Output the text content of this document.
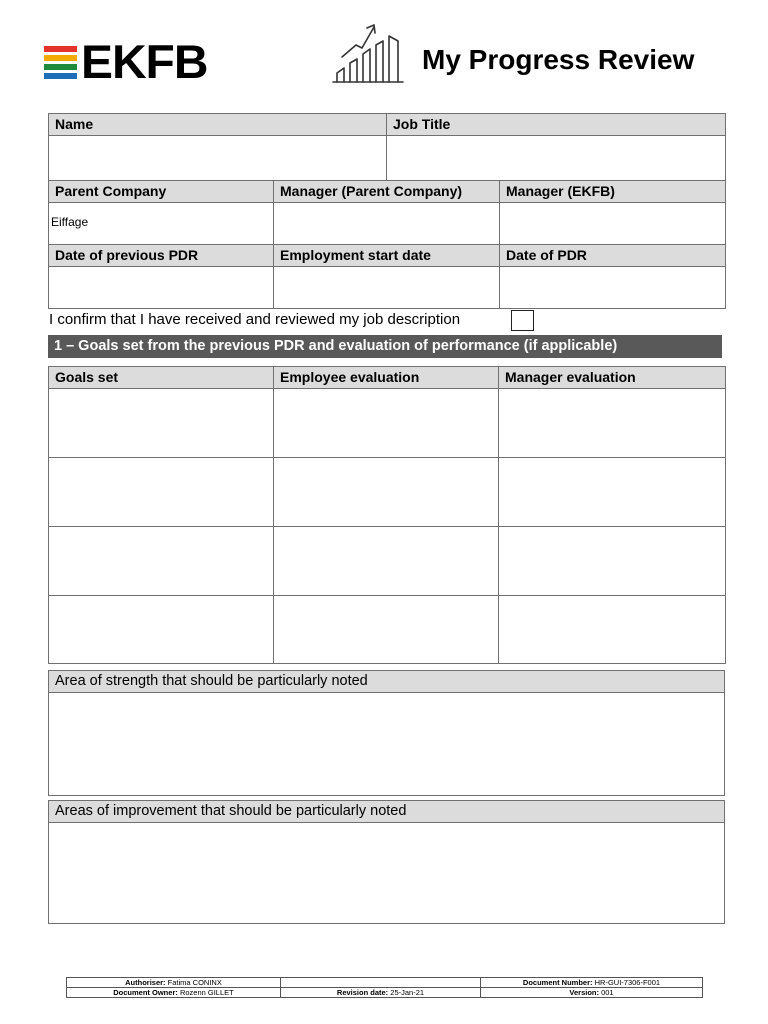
EKFB	My Progress Review
Name		Job Title	

Parent Company	Manager (Parent Company)		Manager (EKFB)
Eiffage			
Date of previous PDR	Employment start date		Date of PDR

I confirm that I have received and reviewed my job description
1 – Goals set from the previous PDR and evaluation of performance (if applicable)
Goals set	Employee evaluation	Manager evaluation

Area of strength that should be particularly noted

Areas of improvement that should be particularly noted

Authoriser: Fatima CONINX		Document Number: HR-GUI-7306-F001
Document Owner: Rozenn GILLET	Revision date: 25-Jan-21	Version: 001
